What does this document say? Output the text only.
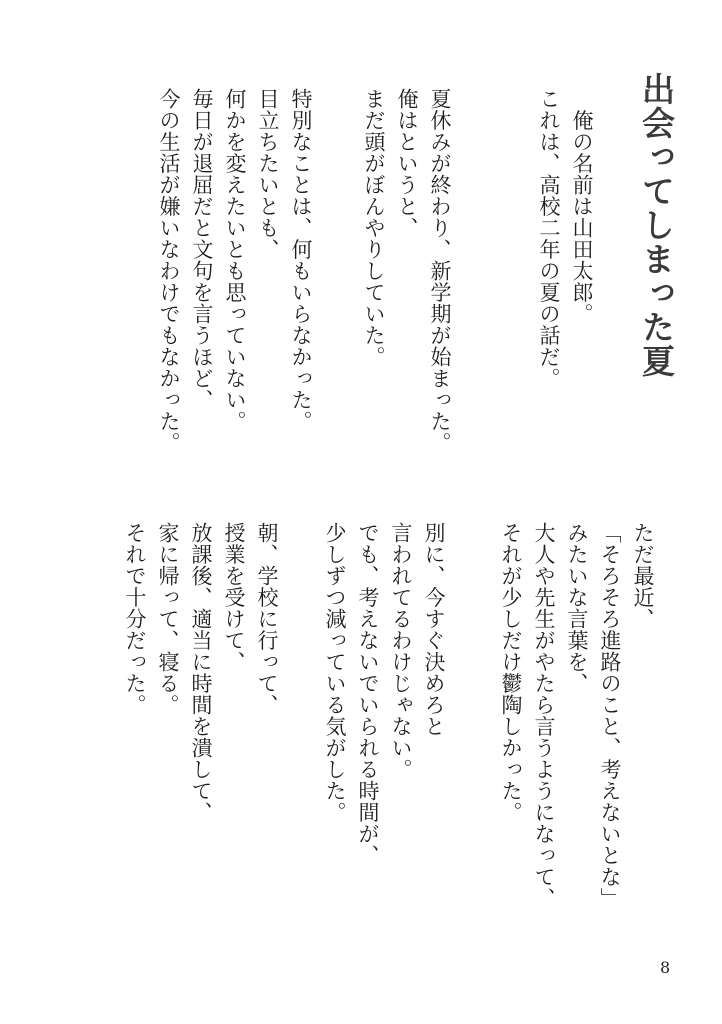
出会ってしまった夏
　俺の名前は山田太郎。
これは、高校二年の夏の話だ。
夏休みが終わり、新学期が始まった。
俺はというと、
まだ頭がぼんやりしていた。
特別なことは、何もいらなかった。
目立ちたいとも、
何かを変えたいとも思っていない。
毎日が退屈だと文句を言うほど、
今の生活が嫌いなわけでもなかった。
ただ最近、
「そろそろ進路のこと、考えないとな」
みたいな言葉を、
大人や先生がやたら言うようになって、
それが少しだけ鬱陶しかった。
別に、今すぐ決めろと
言われてるわけじゃない。
でも、考えないでいられる時間が、
少しずつ減っている気がした。
朝、学校に行って、
授業を受けて、
放課後、適当に時間を潰して、
家に帰って、寝る。
それで十分だった。
8
